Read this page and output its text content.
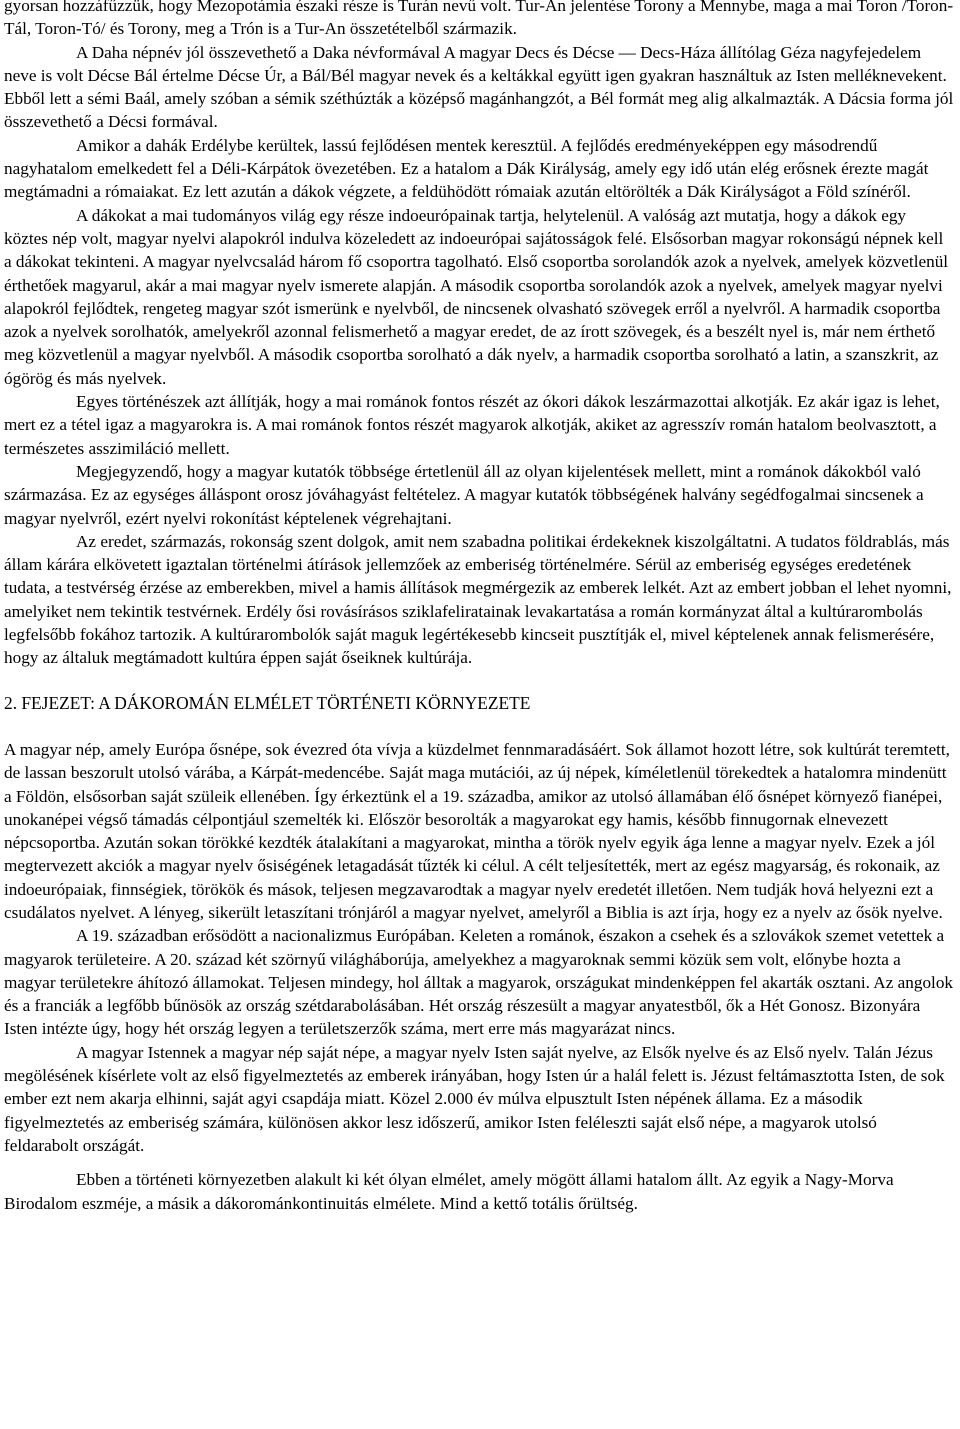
gyorsan hozzáfűzzük, hogy Mezopotámia északi része is Turán nevű volt. Tur-An jelentése Torony a Mennybe, maga a mai Toron /Toron-Tál, Toron-Tó/ és Torony, meg a Trón is a Tur-An összetételből származik.

A Daha népnév jól összevethető a Daka névformával A magyar Decs és Décse — Decs-Háza állítólag Géza nagyfejedelem neve is volt Décse Bál értelme Décse Úr, a Bál/Bél magyar nevek és a keltákkal együtt igen gyakran használtuk az Isten melléknevekent. Ebből lett a sémi Baál, amely szóban a sémik széthúzták a középső magánhangzót, a Bél formát meg alig alkalmazták. A Dácsia forma jól összevethető a Décsi formával.

Amikor a dahák Erdélybe kerültek, lassú fejlődésen mentek keresztül. A fejlődés eredményeképpen egy másodrendű nagyhatalom emelkedett fel a Déli-Kárpátok övezetében. Ez a hatalom a Dák Királyság, amely egy idő után elég erősnek érezte magát megtámadni a rómaiakat. Ez lett azután a dákok végzete, a feldühödött rómaiak azután eltörölték a Dák Királyságot a Föld színéről.

A dákokat a mai tudományos világ egy része indoeurópainak tartja, helytelenül. A valóság azt mutatja, hogy a dákok egy köztes nép volt, magyar nyelvi alapokról indulva közeledett az indoeurópai sajátosságok felé. Elsősorban magyar rokonságú népnek kell a dákokat tekinteni. A magyar nyelvcsalád három fő csoportra tagolható. Első csoportba sorolandók azok a nyelvek, amelyek közvetlenül érthetőek magyarul, akár a mai magyar nyelv ismerete alapján. A második csoportba sorolandók azok a nyelvek, amelyek magyar nyelvi alapokról fejlődtek, rengeteg magyar szót ismerünk e nyelvből, de nincsenek olvasható szövegek erről a nyelvről. A harmadik csoportba azok a nyelvek sorolhatók, amelyekről azonnal felismerhető a magyar eredet, de az írott szövegek, és a beszélt nyel is, már nem érthető meg közvetlenül a magyar nyelvből. A második csoportba sorolható a dák nyelv, a harmadik csoportba sorolható a latin, a szanszkrit, az ógörög és más nyelvek.

Egyes történészek azt állítják, hogy a mai románok fontos részét az ókori dákok leszármazottai alkotják. Ez akár igaz is lehet, mert ez a tétel igaz a magyarokra is. A mai románok fontos részét magyarok alkotják, akiket az agresszív román hatalom beolvasztott, a természetes asszimiláció mellett.

Megjegyzendő, hogy a magyar kutatók többsége értetlenül áll az olyan kijelentések mellett, mint a románok dákokból való származása. Ez az egységes álláspont orosz jóváhagyást feltételez. A magyar kutatók többségének halvány segédfogalmai sincsenek a magyar nyelvről, ezért nyelvi rokonítást képtelenek végrehajtani.

Az eredet, származás, rokonság szent dolgok, amit nem szabadna politikai érdekeknek kiszolgáltatni. A tudatos földrablás, más állam kárára elkövetett igaztalan történelmi átírások jellemzőek az emberiség történelmére. Sérül az emberiség egységes eredetének tudata, a testvérség érzése az emberekben, mivel a hamis állítások megmérgezik az emberek lelkét. Azt az embert jobban el lehet nyomni, amelyiket nem tekintik testvérnek. Erdély ősi rovásírásos sziklafeliratainak levakartatása a román kormányzat által a kultúrarombolás legfelsőbb fokához tartozik. A kultúrarombolók saját maguk legértékesebb kincseit pusztítják el, mivel képtelenek annak felismerésére, hogy az általuk megtámadott kultúra éppen saját őseiknek kultúrája.

2. FEJEZET: A DÁKOROMÁN ELMÉLET TÖRTÉNETI KÖRNYEZETE

A magyar nép, amely Európa ősnépe, sok évezred óta vívja a küzdelmet fennmaradásáért. Sok államot hozott létre, sok kultúrát teremtett, de lassan beszorult utolsó várába, a Kárpát-medencébe. Saját maga mutációi, az új népek, kíméletlenül törekedtek a hatalomra mindenütt a Földön, elsősorban saját szüleik ellenében. Így érkeztünk el a 19. századba, amikor az utolsó államában élő ősnépet környező fianépei, unokanépei végső támadás célpontjául szemelték ki. Először besorolták a magyarokat egy hamis, később finnugornak elnevezett népcsoportba. Azután sokan törökké kezdték átalakítani a magyarokat, mintha a török nyelv egyik ága lenne a magyar nyelv. Ezek a jól megtervezett akciók a magyar nyelv ősiségének letagadását tűzték ki célul. A célt teljesítették, mert az egész magyarság, és rokonaik, az indoeurópaiak, finnségiek, törökök és mások, teljesen megzavarodtak a magyar nyelv eredetét illetően. Nem tudják hová helyezni ezt a csudálatos nyelvet. A lényeg, sikerült letaszítani trónjáról a magyar nyelvet, amelyről a Biblia is azt írja, hogy ez a nyelv az ősök nyelve.

A 19. században erősödött a nacionalizmus Európában. Keleten a románok, északon a csehek és a szlovákok szemet vetettek a magyarok területeire. A 20. század két szörnyű világháborúja, amelyekhez a magyaroknak semmi közük sem volt, előnybe hozta a magyar területekre áhítozó államokat. Teljesen mindegy, hol álltak a magyarok, országukat mindenképpen fel akarták osztani. Az angolok és a franciák a legfőbb bűnösök az ország szétdarabolásában. Hét ország részesült a magyar anyatestből, ők a Hét Gonosz. Bizonyára Isten intézte úgy, hogy hét ország legyen a területszerzők száma, mert erre más magyarázat nincs.

A magyar Istennek a magyar nép saját népe, a magyar nyelv Isten saját nyelve, az Elsők nyelve és az Első nyelv. Talán Jézus megölésének kísérlete volt az első figyelmeztetés az emberek irányában, hogy Isten úr a halál felett is. Jézust feltámasztotta Isten, de sok ember ezt nem akarja elhinni, saját agyi csapdája miatt. Közel 2.000 év múlva elpusztult Isten népének állama. Ez a második figyelmeztetés az emberiség számára, különösen akkor lesz időszerű, amikor Isten feléleszti saját első népe, a magyarok utolsó feldarabolt országát.

Ebben a történeti környezetben alakult ki két ólyan elmélet, amely mögött állami hatalom állt. Az egyik a Nagy-Morva Birodalom eszméje, a másik a dákorománkontinuitás elmélete. Mind a kettő totális őrültség.
